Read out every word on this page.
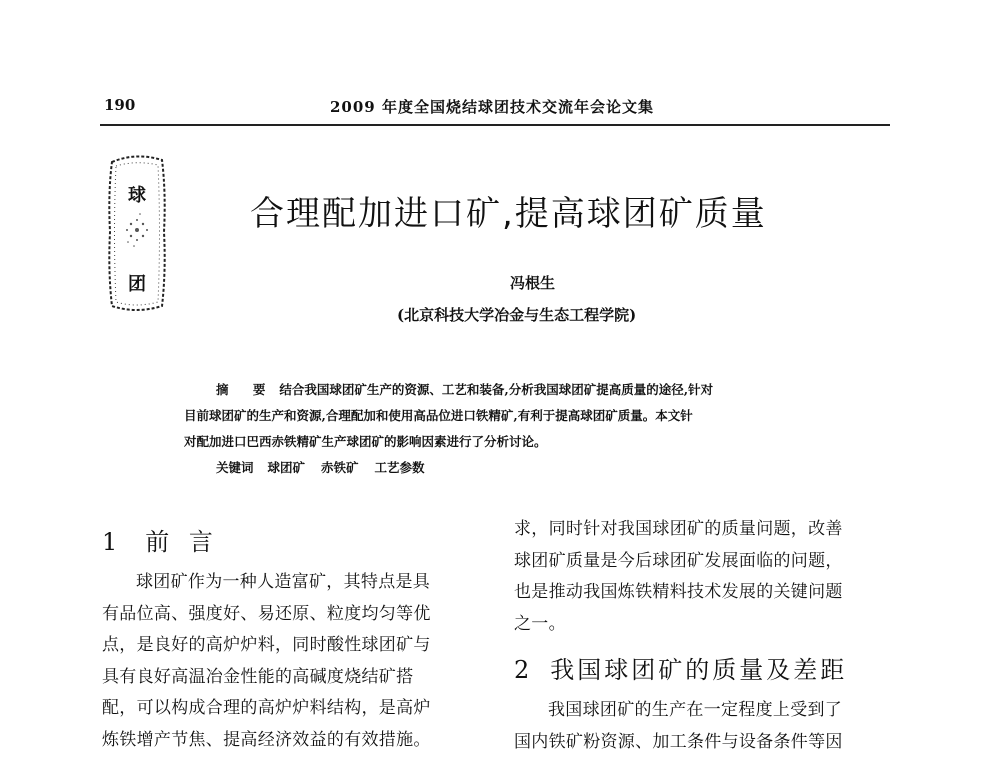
190	2009 年度全国烧结球团技术交流年会论文集
球
团
合理配加进口矿,提高球团矿质量
冯根生
(北京科技大学冶金与生态工程学院)
摘 要 结合我国球团矿生产的资源、工艺和装备,分析我国球团矿提高质量的途径,针对
目前球团矿的生产和资源,合理配加和使用高品位进口铁精矿,有利于提高球团矿质量。本文针
对配加进口巴西赤铁精矿生产球团矿的影响因素进行了分析讨论。
关键词 球团矿 赤铁矿 工艺参数
1 前 言
球团矿作为一种人造富矿，其特点是具
有品位高、强度好、易还原、粒度均匀等优
点，是良好的高炉炉料，同时酸性球团矿与
具有良好高温冶金性能的高碱度烧结矿搭
配，可以构成合理的高炉炉料结构，是高炉
炼铁增产节焦、提高经济效益的有效措施。
求，同时针对我国球团矿的质量问题，改善
球团矿质量是今后球团矿发展面临的问题，
也是推动我国炼铁精料技术发展的关键问题
之一。
2 我国球团矿的质量及差距
我国球团矿的生产在一定程度上受到了
国内铁矿粉资源、加工条件与设备条件等因
